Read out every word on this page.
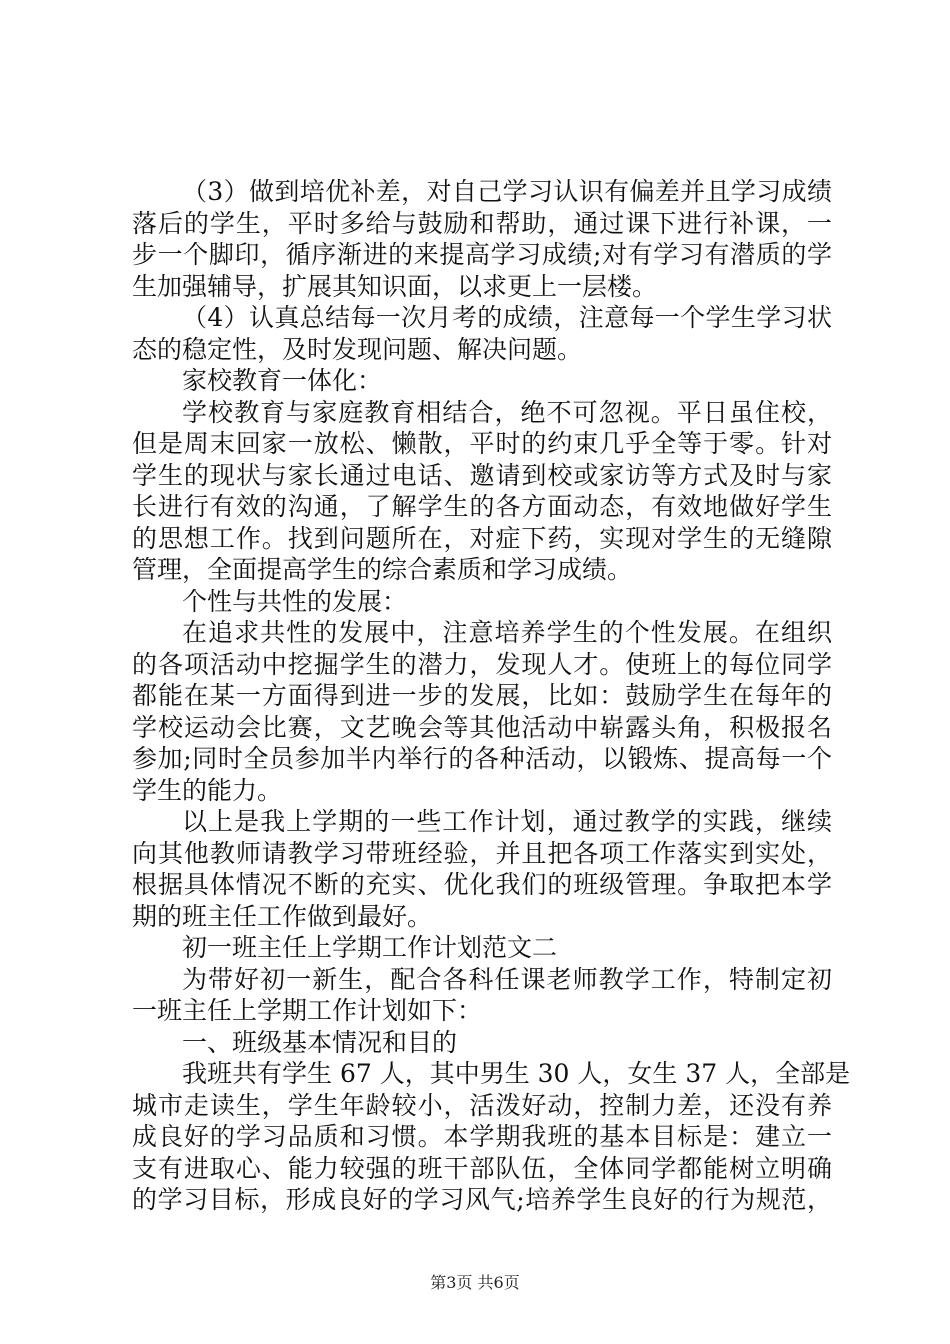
（3）做到培优补差，对自己学习认识有偏差并且学习成绩
落后的学生，平时多给与鼓励和帮助，通过课下进行补课，一
步一个脚印，循序渐进的来提高学习成绩;对有学习有潜质的学
生加强辅导，扩展其知识面，以求更上一层楼。
（4）认真总结每一次月考的成绩，注意每一个学生学习状
态的稳定性，及时发现问题、解决问题。
家校教育一体化：
学校教育与家庭教育相结合，绝不可忽视。平日虽住校，
但是周末回家一放松、懒散，平时的约束几乎全等于零。针对
学生的现状与家长通过电话、邀请到校或家访等方式及时与家
长进行有效的沟通，了解学生的各方面动态，有效地做好学生
的思想工作。找到问题所在，对症下药，实现对学生的无缝隙
管理，全面提高学生的综合素质和学习成绩。
个性与共性的发展：
在追求共性的发展中，注意培养学生的个性发展。在组织
的各项活动中挖掘学生的潜力，发现人才。使班上的每位同学
都能在某一方面得到进一步的发展，比如：鼓励学生在每年的
学校运动会比赛，文艺晚会等其他活动中崭露头角，积极报名
参加;同时全员参加半内举行的各种活动，以锻炼、提高每一个
学生的能力。
以上是我上学期的一些工作计划，通过教学的实践，继续
向其他教师请教学习带班经验，并且把各项工作落实到实处，
根据具体情况不断的充实、优化我们的班级管理。争取把本学
期的班主任工作做到最好。
初一班主任上学期工作计划范文二
为带好初一新生，配合各科任课老师教学工作，特制定初
一班主任上学期工作计划如下：
一、班级基本情况和目的
我班共有学生 67 人，其中男生 30 人，女生 37 人，全部是
城市走读生，学生年龄较小，活泼好动，控制力差，还没有养
成良好的学习品质和习惯。本学期我班的基本目标是：建立一
支有进取心、能力较强的班干部队伍，全体同学都能树立明确
的学习目标，形成良好的学习风气;培养学生良好的行为规范，
第3页 共6页
